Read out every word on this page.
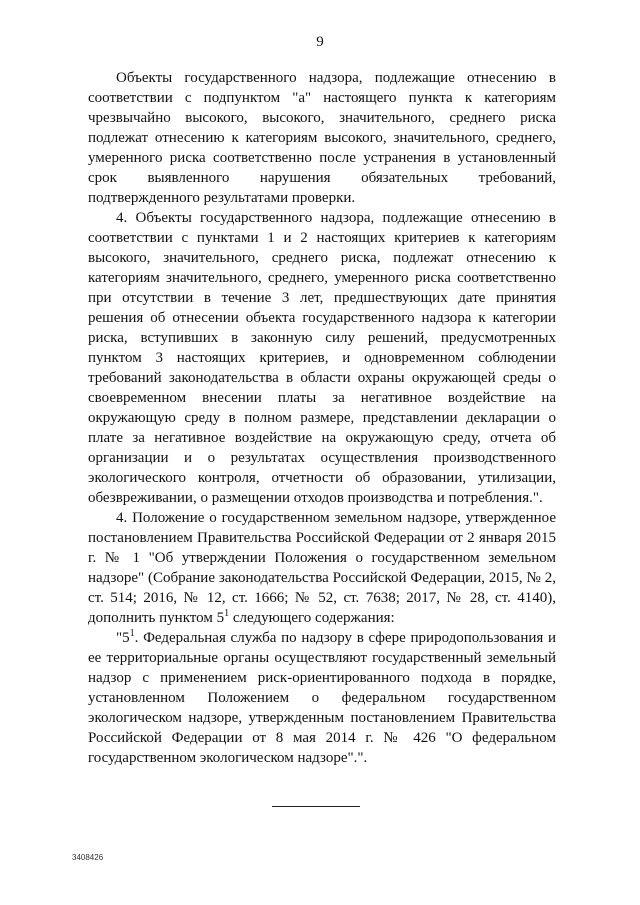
9

Объекты государственного надзора, подлежащие отнесению в соответствии с подпунктом "а" настоящего пункта к категориям чрезвычайно высокого, высокого, значительного, среднего риска подлежат отнесению к категориям высокого, значительного, среднего, умеренного риска соответственно после устранения в установленный срок выявленного нарушения обязательных требований, подтвержденного результатами проверки.

4. Объекты государственного надзора, подлежащие отнесению в соответствии с пунктами 1 и 2 настоящих критериев к категориям высокого, значительного, среднего риска, подлежат отнесению к категориям значительного, среднего, умеренного риска соответственно при отсутствии в течение 3 лет, предшествующих дате принятия решения об отнесении объекта государственного надзора к категории риска, вступивших в законную силу решений, предусмотренных пунктом 3 настоящих критериев, и одновременном соблюдении требований законодательства в области охраны окружающей среды о своевременном внесении платы за негативное воздействие на окружающую среду в полном размере, представлении декларации о плате за негативное воздействие на окружающую среду, отчета об организации и о результатах осуществления производственного экологического контроля, отчетности об образовании, утилизации, обезвреживании, о размещении отходов производства и потребления.".

4. Положение о государственном земельном надзоре, утвержденное постановлением Правительства Российской Федерации от 2 января 2015 г. № 1 "Об утверждении Положения о государственном земельном надзоре" (Собрание законодательства Российской Федерации, 2015, № 2, ст. 514; 2016, № 12, ст. 1666; № 52, ст. 7638; 2017, № 28, ст. 4140), дополнить пунктом $5^1$ следующего содержания:

"$5^1$. Федеральная служба по надзору в сфере природопользования и ее территориальные органы осуществляют государственный земельный надзор с применением риск-ориентированного подхода в порядке, установленном Положением о федеральном государственном экологическом надзоре, утвержденным постановлением Правительства Российской Федерации от 8 мая 2014 г. № 426 "О федеральном государственном экологическом надзоре".".

3408426
